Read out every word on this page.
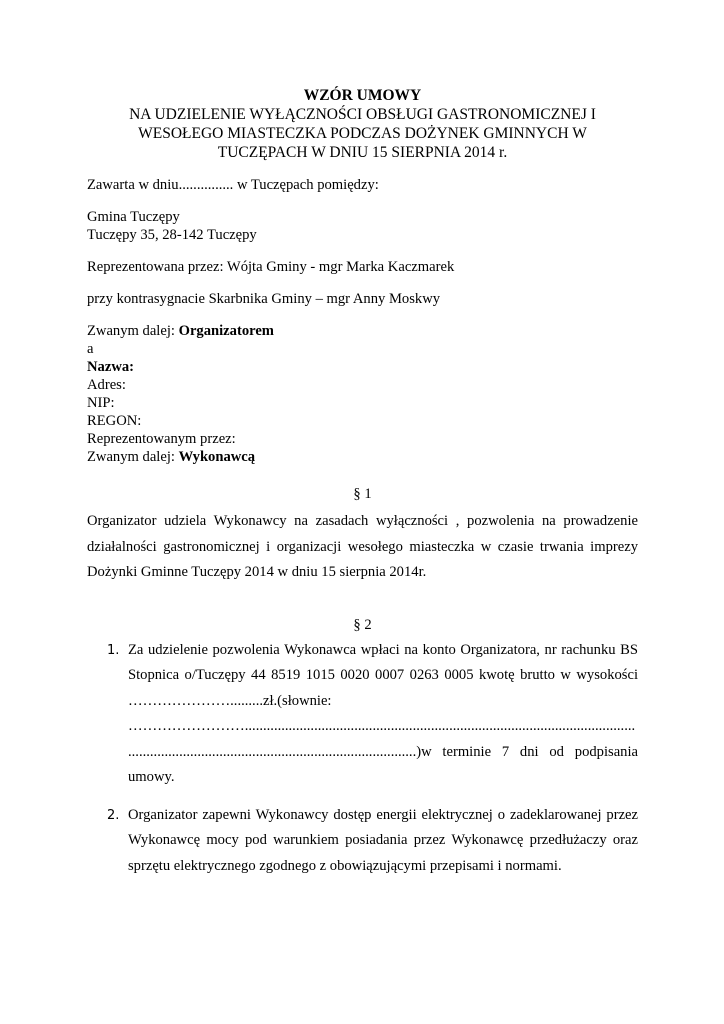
WZÓR UMOWY
NA UDZIELENIE WYŁĄCZNOŚCI OBSŁUGI GASTRONOMICZNEJ I
WESOŁEGO MIASTECZKA PODCZAS DOŻYNEK GMINNYCH W
TUCZĘPACH W DNIU 15 SIERPNIA 2014 r.
Zawarta w dniu............... w Tuczępach pomiędzy:
Gmina Tuczępy
Tuczępy 35, 28-142 Tuczępy
Reprezentowana przez: Wójta Gminy - mgr Marka Kaczmarek
przy kontrasygnacie Skarbnika Gminy – mgr Anny Moskwy
Zwanym dalej: Organizatorem
a
Nazwa:
Adres:
NIP:
REGON:
Reprezentowanym przez:
Zwanym dalej: Wykonawcą
§ 1
Organizator udziela Wykonawcy na zasadach wyłączności , pozwolenia na prowadzenie
działalności gastronomicznej i organizacji wesołego miasteczka w czasie trwania imprezy
Dożynki Gminne Tuczępy 2014 w dniu 15 sierpnia 2014r.
§ 2
1. Za udzielenie pozwolenia Wykonawca wpłaci na konto Organizatora, nr rachunku BS
Stopnica o/Tuczępy 44 8519 1015 0020 0007 0263 0005 kwotę brutto w wysokości
………………….........zł.(słownie:
……………………...........................................................................................................
...............................................................................)w terminie 7 dni od podpisania
umowy.
2. Organizator zapewni Wykonawcy dostęp energii elektrycznej o zadeklarowanej przez
Wykonawcę mocy pod warunkiem posiadania przez Wykonawcę przedłużaczy oraz
sprzętu elektrycznego zgodnego z obowiązującymi przepisami i normami.
